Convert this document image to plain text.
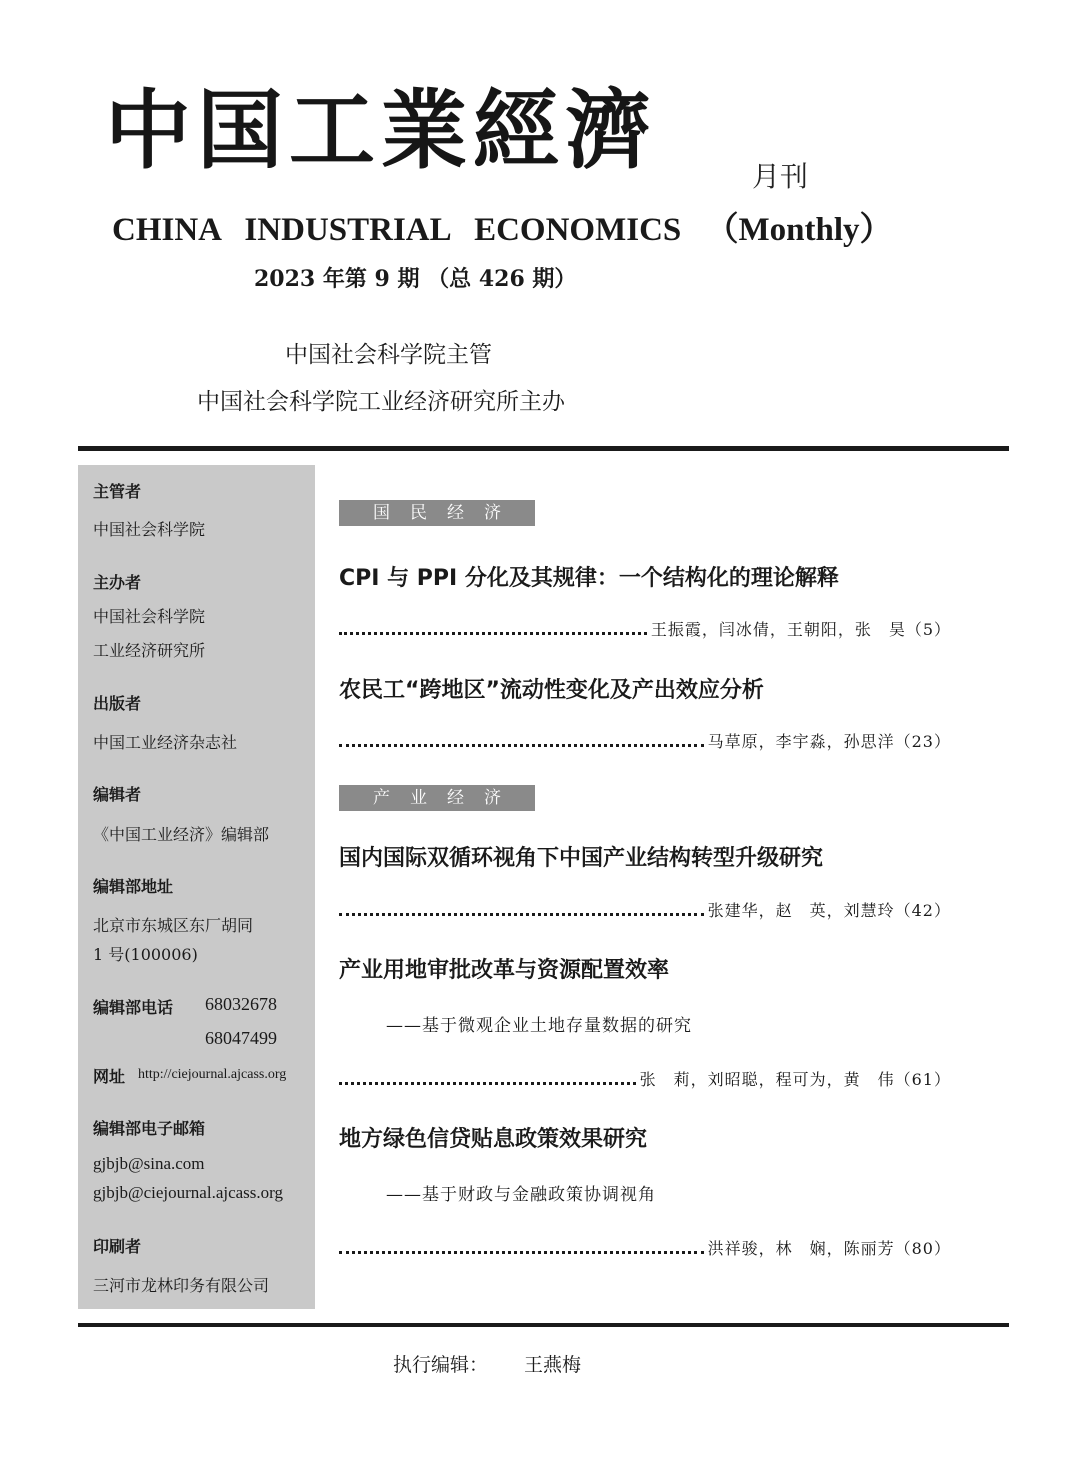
中国工業經濟	月刊
CHINA INDUSTRIAL ECONOMICS （Monthly）
2023 年第 9 期 （总 426 期）
中国社会科学院主管
中国社会科学院工业经济研究所主办
主管者
中国社会科学院
主办者
中国社会科学院
工业经济研究所
出版者
中国工业经济杂志社
编辑者
《中国工业经济》编辑部
编辑部地址
北京市东城区东厂胡同
1 号(100006)
编辑部电话 68032678
68047499
网址 http://ciejournal.ajcass.org
编辑部电子邮箱
gjbjb@sina.com
gjbjb@ciejournal.ajcass.org
印刷者
三河市龙林印务有限公司
国民经济
CPI 与 PPI 分化及其规律：一个结构化的理论解释
王振霞，闫冰倩，王朝阳，张　昊（5）
农民工“跨地区”流动性变化及产出效应分析
马草原，李宇淼，孙思洋（23）
产业经济
国内国际双循环视角下中国产业结构转型升级研究
张建华，赵　英，刘慧玲（42）
产业用地审批改革与资源配置效率
——基于微观企业土地存量数据的研究
张　莉，刘昭聪，程可为，黄　伟（61）
地方绿色信贷贴息政策效果研究
——基于财政与金融政策协调视角
洪祥骏，林　娴，陈丽芳（80）
执行编辑： 王燕梅
